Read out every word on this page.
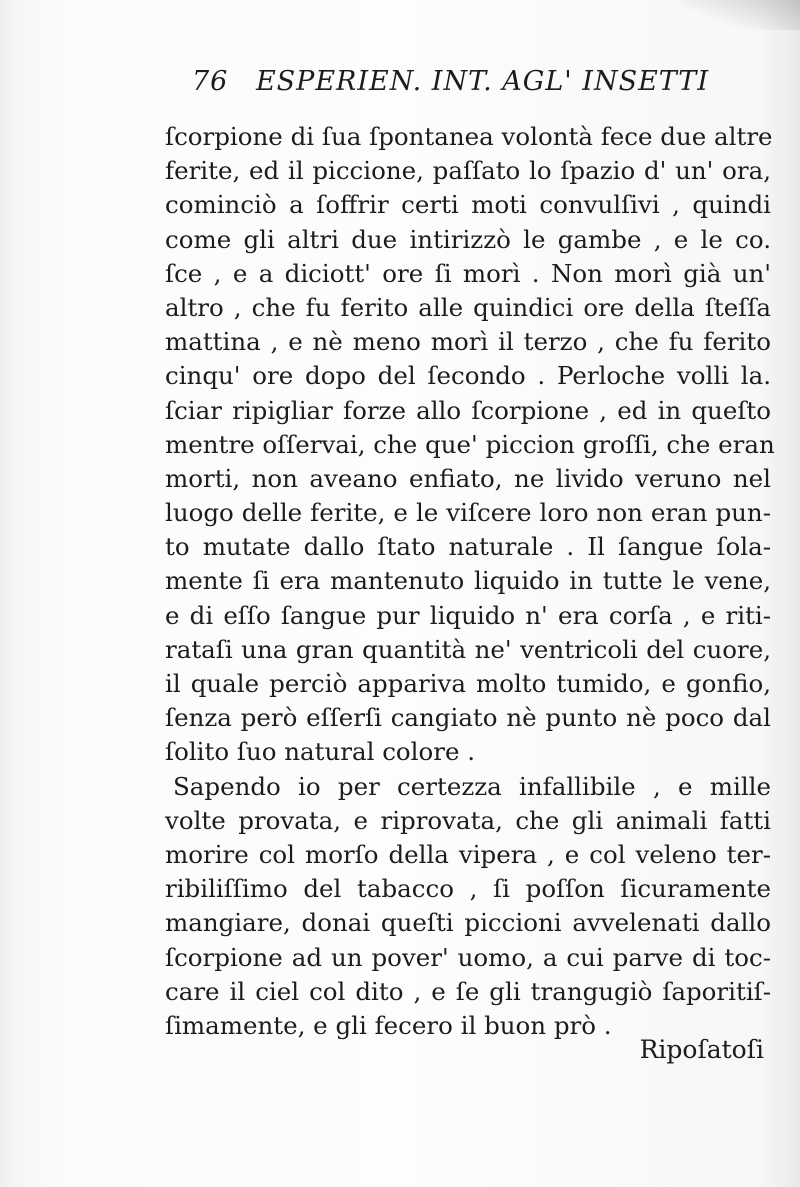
76 ESPERIEN. INT. AGL' INSETTI
ſcorpione di ſua ſpontanea volontà fece due altre
ferite, ed il piccione, paſſato lo ſpazio d' un' ora,
cominciò a ſoffrir certi moti convulſivi , quindi
come gli altri due intirizzò le gambe , e le co.
ſce , e a diciott' ore ſi morì . Non morì già un'
altro , che fu ferito alle quindici ore della ſteſſa
mattina , e nè meno morì il terzo , che fu ferito
cinqu' ore dopo del ſecondo . Perloche volli la.
ſciar ripigliar forze allo ſcorpione , ed in queſto
mentre oſſervai, che que' piccion groſſi, che eran
morti, non aveano enfiato, ne livido veruno nel
luogo delle ferite, e le viſcere loro non eran pun-
to mutate dallo ſtato naturale . Il ſangue ſola-
mente ſi era mantenuto liquido in tutte le vene,
e di eſſo ſangue pur liquido n' era corſa , e riti-
rataſi una gran quantità ne' ventricoli del cuore,
il quale perciò appariva molto tumido, e gonfio,
ſenza però eſſerſi cangiato nè punto nè poco dal
ſolito ſuo natural colore .
Sapendo io per certezza infallibile , e mille
volte provata, e riprovata, che gli animali fatti
morire col morſo della vipera , e col veleno ter-
ribiliſſimo del tabacco , ſi poſſon ſicuramente
mangiare, donai queſti piccioni avvelenati dallo
ſcorpione ad un pover' uomo, a cui parve di toc-
care il ciel col dito , e ſe gli trangugiò ſaporitiſ-
ſimamente, e gli fecero il buon prò .
Ripoſatoſi
